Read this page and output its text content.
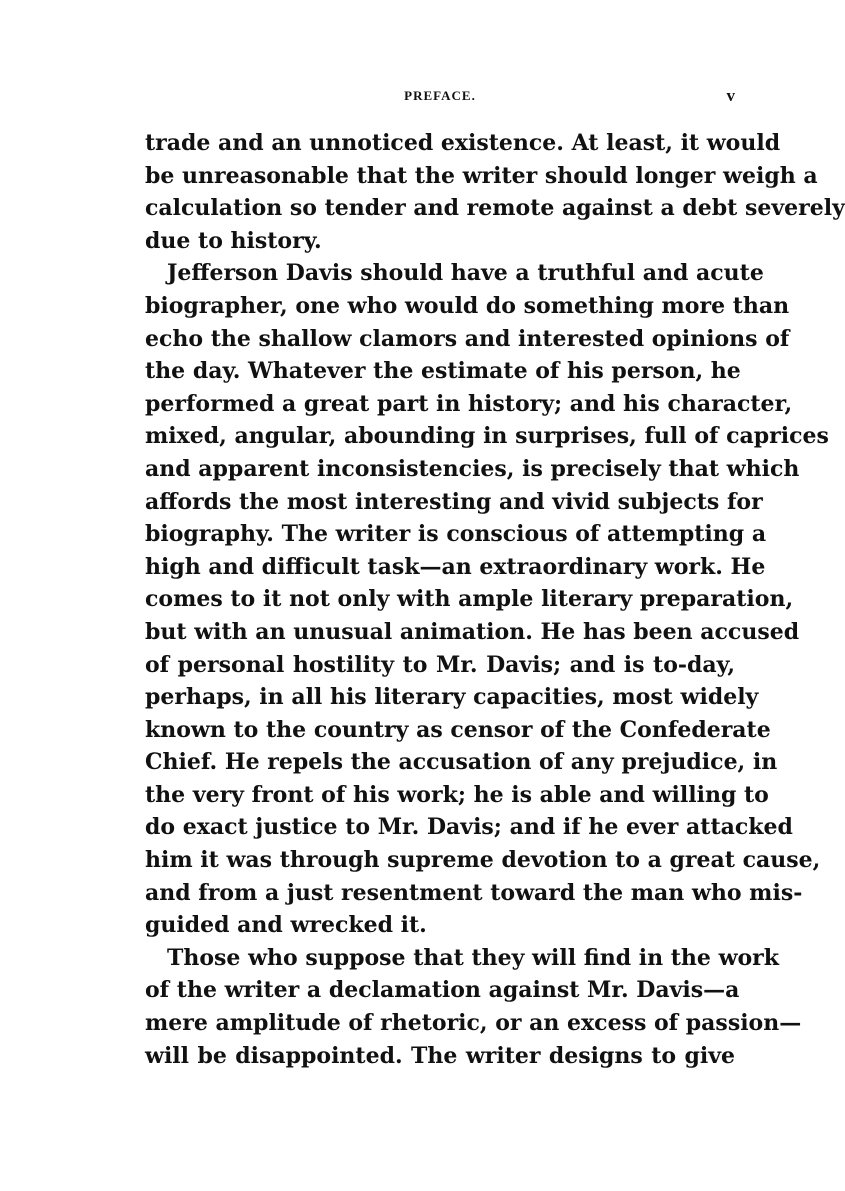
PREFACE.	v
trade and an unnoticed existence. At least, it would
be unreasonable that the writer should longer weigh a
calculation so tender and remote against a debt severely
due to history.
Jefferson Davis should have a truthful and acute
biographer, one who would do something more than
echo the shallow clamors and interested opinions of
the day. Whatever the estimate of his person, he
performed a great part in history; and his character,
mixed, angular, abounding in surprises, full of caprices
and apparent inconsistencies, is precisely that which
affords the most interesting and vivid subjects for
biography. The writer is conscious of attempting a
high and difficult task—an extraordinary work. He
comes to it not only with ample literary preparation,
but with an unusual animation. He has been accused
of personal hostility to Mr. Davis; and is to-day,
perhaps, in all his literary capacities, most widely
known to the country as censor of the Confederate
Chief. He repels the accusation of any prejudice, in
the very front of his work; he is able and willing to
do exact justice to Mr. Davis; and if he ever attacked
him it was through supreme devotion to a great cause,
and from a just resentment toward the man who mis-
guided and wrecked it.
Those who suppose that they will find in the work
of the writer a declamation against Mr. Davis—a
mere amplitude of rhetoric, or an excess of passion—
will be disappointed. The writer designs to give
